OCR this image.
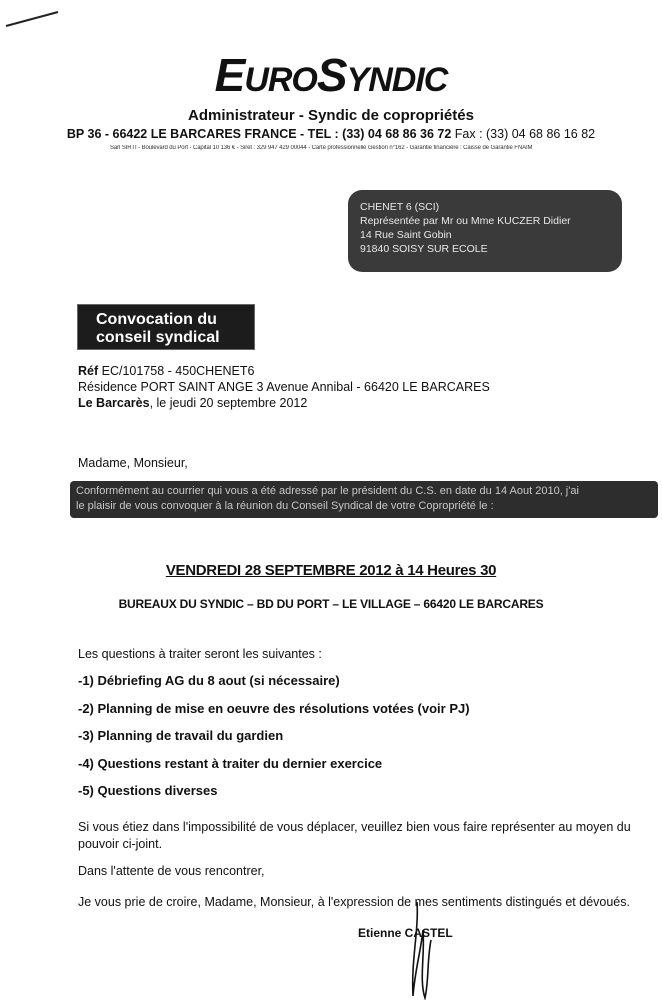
EUROSYNDIC
Administrateur - Syndic de copropriétés
BP 36 - 66422 LE BARCARES FRANCE - TEL : (33) 04 68 86 36 72 Fax : (33) 04 68 86 16 82
Sarl SIRTI - Boulevard du Port - Capital 10 136 € - Siret : 329 947 429 00044 - Carte professionnelle Gestion n°162 - Garantie financière : Caisse de Garantie FNAIM
CHENET 6 (SCI)
Représentée par Mr ou Mme KUCZER Didier
14 Rue Saint Gobin
91840 SOISY SUR ECOLE
Convocation du
conseil syndical
Réf EC/101758 - 450CHENET6
Résidence PORT SAINT ANGE 3 Avenue Annibal - 66420 LE BARCARES
Le Barcarès, le jeudi 20 septembre 2012
Madame, Monsieur,
Conformément au courrier qui vous a été adressé par le président du C.S. en date du 14 Aout 2010, j'ai
le plaisir de vous convoquer à la réunion du Conseil Syndical de votre Copropriété le :
VENDREDI 28 SEPTEMBRE 2012 à 14 Heures 30
BUREAUX DU SYNDIC – BD DU PORT – LE VILLAGE – 66420 LE BARCARES
Les questions à traiter seront les suivantes :
-1) Débriefing AG du 8 aout (si nécessaire)
-2) Planning de mise en oeuvre des résolutions votées (voir PJ)
-3) Planning de travail du gardien
-4) Questions restant à traiter du dernier exercice
-5) Questions diverses
Si vous étiez dans l'impossibilité de vous déplacer, veuillez bien vous faire représenter au moyen du pouvoir ci-joint.
Dans l'attente de vous rencontrer,
Je vous prie de croire, Madame, Monsieur, à l'expression de mes sentiments distingués et dévoués.
Etienne CASTEL
